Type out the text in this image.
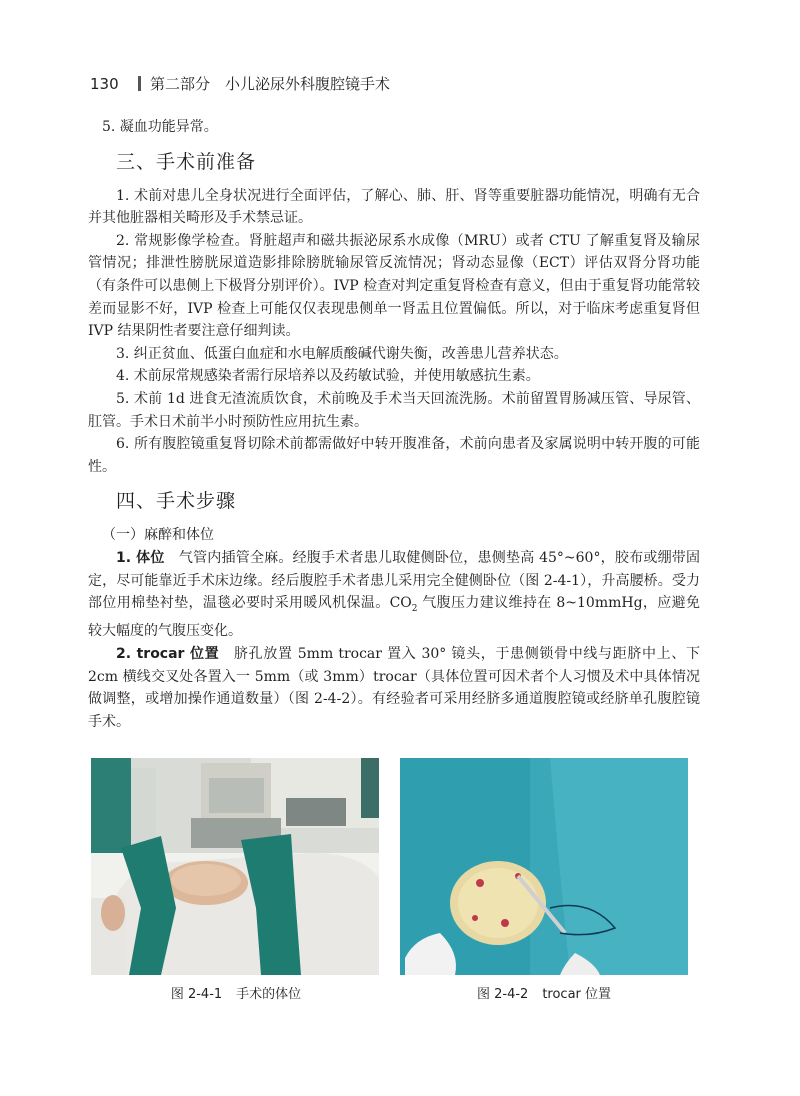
130 第二部分　小儿泌尿外科腹腔镜手术

5. 凝血功能异常。

三、手术前准备

1. 术前对患儿全身状况进行全面评估，了解心、肺、肝、肾等重要脏器功能情况，明确有无合并其他脏器相关畸形及手术禁忌证。

2. 常规影像学检查。肾脏超声和磁共振泌尿系水成像（MRU）或者 CTU 了解重复肾及输尿管情况；排泄性膀胱尿道造影排除膀胱输尿管反流情况；肾动态显像（ECT）评估双肾分肾功能（有条件可以患侧上下极肾分别评价）。IVP 检查对判定重复肾检查有意义，但由于重复肾功能常较差而显影不好，IVP 检查上可能仅仅表现患侧单一肾盂且位置偏低。所以，对于临床考虑重复肾但 IVP 结果阴性者要注意仔细判读。

3. 纠正贫血、低蛋白血症和水电解质酸碱代谢失衡，改善患儿营养状态。

4. 术前尿常规感染者需行尿培养以及药敏试验，并使用敏感抗生素。

5. 术前 1d 进食无渣流质饮食，术前晚及手术当天回流洗肠。术前留置胃肠减压管、导尿管、肛管。手术日术前半小时预防性应用抗生素。

6. 所有腹腔镜重复肾切除术前都需做好中转开腹准备，术前向患者及家属说明中转开腹的可能性。

四、手术步骤
（一）麻醉和体位

1. 体位　 气管内插管全麻。经腹手术者患儿取健侧卧位，患侧垫高 45°~60°，胶布或绷带固定，尽可能靠近手术床边缘。经后腹腔手术者患儿采用完全健侧卧位（图 2-4-1），升高腰桥。受力部位用棉垫衬垫，温毯必要时采用暖风机保温。$CO_2$ 气腹压力建议维持在 8~10mmHg，应避免较大幅度的气腹压变化。

2. trocar 位置　 脐孔放置 5mm trocar 置入 30° 镜头，于患侧锁骨中线与距脐中上、下 2cm 横线交叉处各置入一 5mm（或 3mm）trocar（具体位置可因术者个人习惯及术中具体情况做调整，或增加操作通道数量）（图 2-4-2）。有经验者可采用经脐多通道腹腔镜或经脐单孔腹腔镜手术。

图 2-4-1 手术的体位	图 2-4-2 trocar 位置
